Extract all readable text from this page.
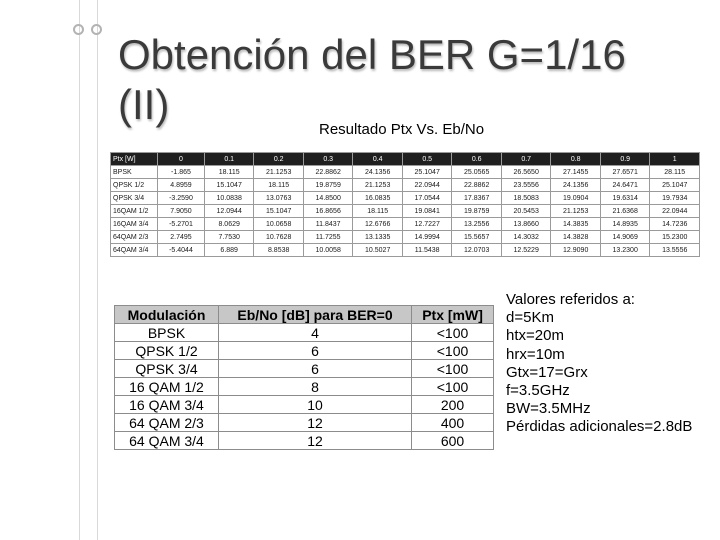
Obtención del BER G=1/16 (II)
Resultado Ptx Vs. Eb/No
Ptx [W]	0	0.1	0.2	0.3	0.4	0.5	0.6	0.7	0.8	0.9	1
BPSK	-1.865	18.115	21.1253	22.8862	24.1356	25.1047	25.0565	26.5650	27.1455	27.6571	28.115
QPSK 1/2	4.8959	15.1047	18.115	19.8759	21.1253	22.0944	22.8862	23.5556	24.1356	24.6471	25.1047
QPSK 3/4	-3.2590	10.0838	13.0763	14.8500	16.0835	17.0544	17.8367	18.5083	19.0904	19.6314	19.7934
16QAM 1/2	7.9050	12.0944	15.1047	16.8656	18.115	19.0841	19.8759	20.5453	21.1253	21.6368	22.0944
16QAM 3/4	-5.2701	8.0629	10.0658	11.8437	12.6766	12.7227	13.2556	13.8660	14.3835	14.8935	14.7236
64QAM 2/3	2.7495	7.7530	10.7628	11.7255	13.1335	14.9994	15.5657	14.3032	14.3828	14.9069	15.2300
64QAM 3/4	-5.4044	6.889	8.8538	10.0058	10.5027	11.5438	12.0703	12.5229	12.9090	13.2300	13.5556
Modulación	Eb/No [dB] para BER=0	Ptx [mW]
BPSK	4	<100
QPSK 1/2	6	<100
QPSK 3/4	6	<100
16 QAM 1/2	8	<100
16 QAM 3/4	10	200
64 QAM 2/3	12	400
64 QAM 3/4	12	600
Valores referidos a:
d=5Km
htx=20m
hrx=10m
Gtx=17=Grx
f=3.5GHz
BW=3.5MHz
Pérdidas adicionales=2.8dB
